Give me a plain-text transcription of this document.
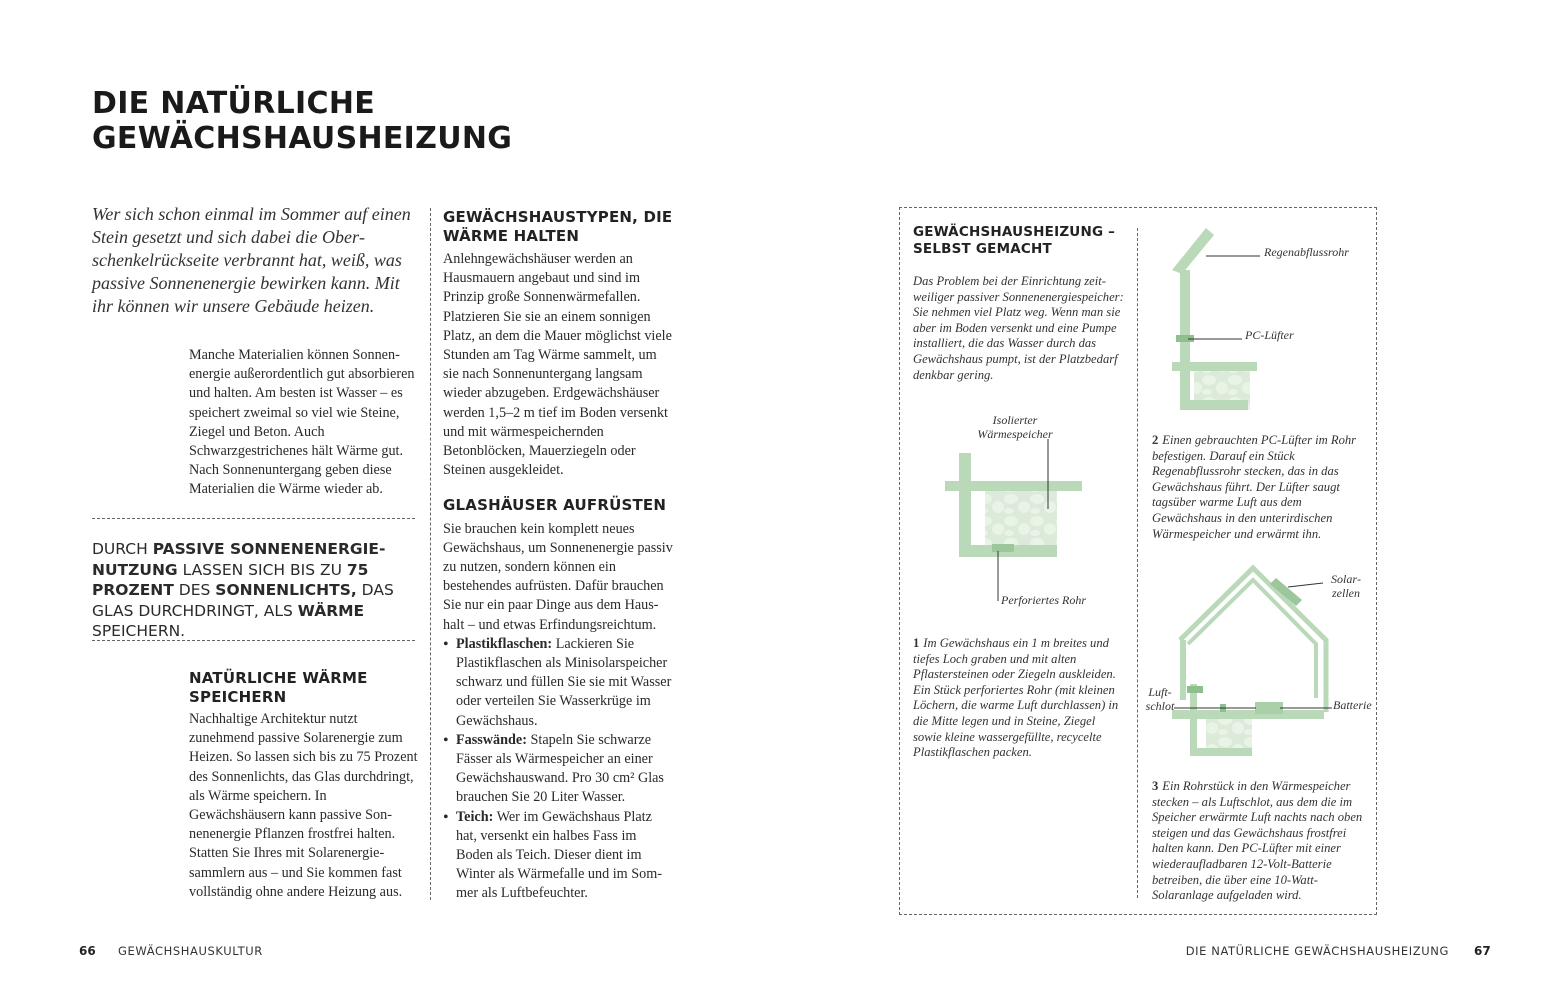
DIE NATÜRLICHE
GEWÄCHSHAUSHEIZUNG

Wer sich schon einmal im Sommer auf einen Stein gesetzt und sich dabei die Oberschenkelrückseite verbrannt hat, weiß, was passive Sonnenenergie bewirken kann. Mit ihr können wir unsere Gebäude heizen.

Manche Materialien können Sonnenenergie außerordentlich gut absorbieren und halten. Am besten ist Wasser – es speichert zweimal so viel wie Steine, Ziegel und Beton. Auch Schwarzgestrichenes hält Wärme gut. Nach Sonnenuntergang geben diese Materialien die Wärme wieder ab.

DURCH PASSIVE SONNENENERGIENUTZUNG LASSEN SICH BIS ZU 75 PROZENT DES SONNENLICHTS, DAS GLAS DURCHDRINGT, ALS WÄRME SPEICHERN.

NATÜRLICHE WÄRME SPEICHERN

Nachhaltige Architektur nutzt zunehmend passive Solarenergie zum Heizen. So lassen sich bis zu 75 Prozent des Sonnenlichts, das Glas durchdringt, als Wärme speichern. In Gewächshäusern kann passive Sonnenenergie Pflanzen frostfrei halten. Statten Sie Ihres mit Solarenergiesammlern aus – und Sie kommen fast vollständig ohne andere Heizung aus.

GEWÄCHSHAUSTYPEN, DIE WÄRME HALTEN

Anlehngewächshäuser werden an Hausmauern angebaut und sind im Prinzip große Sonnenwärmefallen. Platzieren Sie sie an einem sonnigen Platz, an dem die Mauer möglichst viele Stunden am Tag Wärme sammelt, um sie nach Sonnenuntergang langsam wieder abzugeben. Erdgewächshäuser werden 1,5–2 m tief im Boden versenkt und mit wärmespeichernden Betonblöcken, Mauerziegeln oder Steinen ausgekleidet.

GLASHÄUSER AUFRÜSTEN

Sie brauchen kein komplett neues Gewächshaus, um Sonnenenergie passiv zu nutzen, sondern können ein bestehendes aufrüsten. Dafür brauchen Sie nur ein paar Dinge aus dem Haushalt – und etwas Erfindungsreichtum.

• Plastikflaschen: Lackieren Sie Plastikflaschen als Minisolarspeicher schwarz und füllen Sie sie mit Wasser oder verteilen Sie Wasserkrüge im Gewächshaus.
• Fasswände: Stapeln Sie schwarze Fässer als Wärmespeicher an einer Gewächshauswand. Pro 30 cm² Glas brauchen Sie 20 Liter Wasser.
• Teich: Wer im Gewächshaus Platz hat, versenkt ein halbes Fass im Boden als Teich. Dieser dient im Winter als Wärmefalle und im Sommer als Luftbefeuchter.
66 GEWÄCHSHAUSKULTUR
GEWÄCHSHAUSHEIZUNG – SELBST GEMACHT

Das Problem bei der Einrichtung zeitweiliger passiver Sonnenenergiespeicher: Sie nehmen viel Platz weg. Wenn man sie aber im Boden versenkt und eine Pumpe installiert, die das Wasser durch das Gewächshaus pumpt, ist der Platzbedarf denkbar gering.

Isolierter Wärmespeicher
Perforiertes Rohr

1 Im Gewächshaus ein 1 m breites und tiefes Loch graben und mit alten Pflastersteinen oder Ziegeln auskleiden. Ein Stück perforiertes Rohr (mit kleinen Löchern, die warme Luft durchlassen) in die Mitte legen und in Steine, Ziegel sowie kleine wassergefüllte, recycelte Plastikflaschen packen.

Regenabflussrohr
PC-Lüfter

2 Einen gebrauchten PC-Lüfter im Rohr befestigen. Darauf ein Stück Regenabflussrohr stecken, das in das Gewächshaus führt. Der Lüfter saugt tagsüber warme Luft aus dem Gewächshaus in den unterirdischen Wärmespeicher und erwärmt ihn.

Solarzellen
Luftschlot	Batterie

3 Ein Rohrstück in den Wärmespeicher stecken – als Luftschlot, aus dem die im Speicher erwärmte Luft nachts nach oben steigen und das Gewächshaus frostfrei halten kann. Den PC-Lüfter mit einer wiederaufladbaren 12-Volt-Batterie betreiben, die über eine 10-Watt-Solaranlage aufgeladen wird.

DIE NATÜRLICHE GEWÄCHSHAUSHEIZUNG 67
